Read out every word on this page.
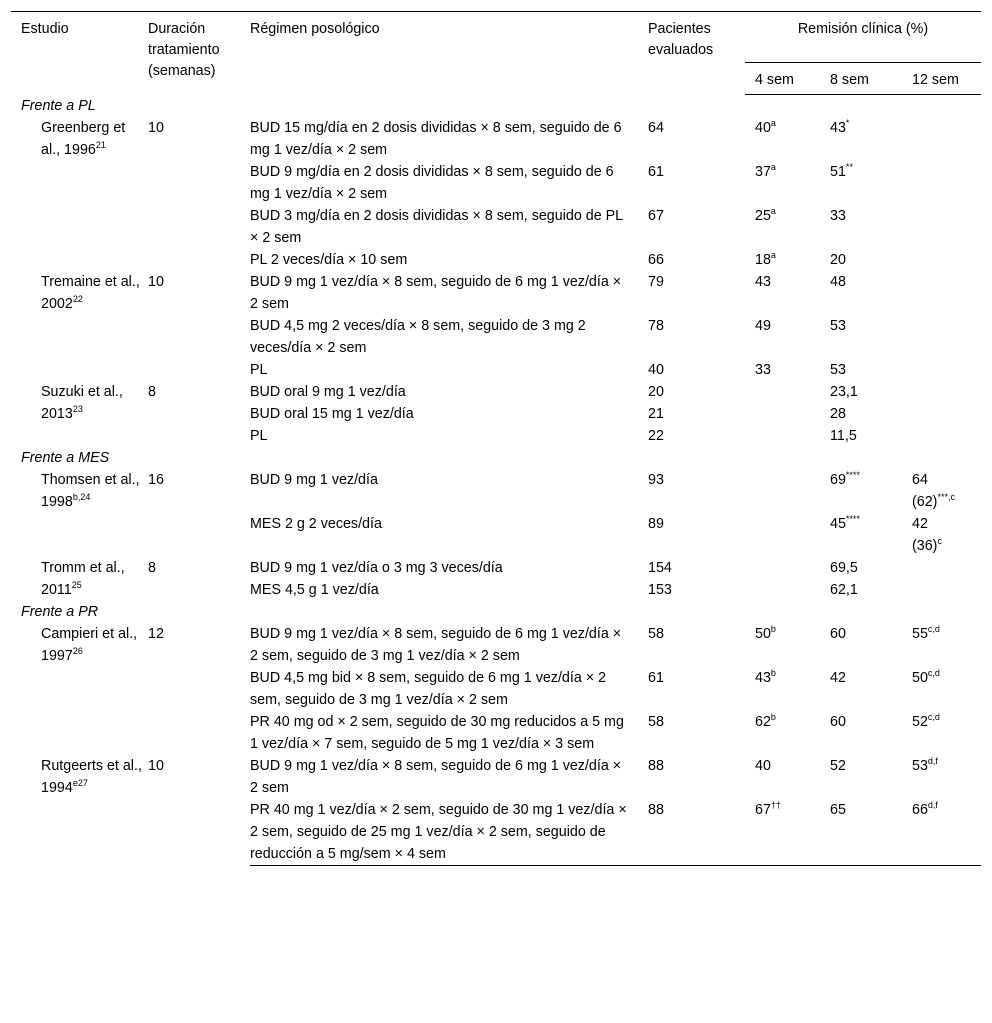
Estudio	Duración tratamiento (semanas)	Régimen posológico	Pacientes evaluados	Remisión clínica (%)		
				4 sem	8 sem	12 sem
Frente a PL						
Greenberg et al., 1996$^{21}$	10	BUD 15 mg/día en 2 dosis divididas × 8 sem, seguido de 6 mg 1 vez/día × 2 sem	64	40$^a$	43*	
		BUD 9 mg/día en 2 dosis divididas × 8 sem, seguido de 6 mg 1 vez/día × 2 sem	61	37$^a$	51**	
		BUD 3 mg/día en 2 dosis divididas × 8 sem, seguido de PL × 2 sem	67	25$^a$	33	
		PL 2 veces/día × 10 sem	66	18$^a$	20	
Tremaine et al., 2002$^{22}$	10	BUD 9 mg 1 vez/día × 8 sem, seguido de 6 mg 1 vez/día × 2 sem	79	43	48	
		BUD 4,5 mg 2 veces/día × 8 sem, seguido de 3 mg 2 veces/día × 2 sem	78	49	53	
		PL	40	33	53	
Suzuki et al., 2013$^{23}$	8	BUD oral 9 mg 1 vez/día	20		23,1	
		BUD oral 15 mg 1 vez/día	21		28	
		PL	22		11,5	
Frente a MES						
Thomsen et al., 1998$^{b,24}$	16	BUD 9 mg 1 vez/día	93		69****	64 $(62)^{***,c}$
		MES 2 g 2 veces/día	89		45****	42 $(36)^c$
Tromm et al., 2011$^{25}$	8	BUD 9 mg 1 vez/día o 3 mg 3 veces/día	154		69,5	
		MES 4,5 g 1 vez/día	153		62,1	
Frente a PR						
Campieri et al., 1997$^{26}$	12	BUD 9 mg 1 vez/día × 8 sem, seguido de 6 mg 1 vez/día × 2 sem, seguido de 3 mg 1 vez/día × 2 sem	58	50$^b$	60	55$^{c,d}$
		BUD 4,5 mg bid × 8 sem, seguido de 6 mg 1 vez/día × 2 sem, seguido de 3 mg 1 vez/día × 2 sem	61	43$^b$	42	50$^{c,d}$
		PR 40 mg od × 2 sem, seguido de 30 mg reducidos a 5 mg 1 vez/día × 7 sem, seguido de 5 mg 1 vez/día × 3 sem	58	62$^b$	60	52$^{c,d}$
Rutgeerts et al., $1994^{e27}$	10	BUD 9 mg 1 vez/día × 8 sem, seguido de 6 mg 1 vez/día × 2 sem	88	40	52	53$^{d,f}$
		PR 40 mg 1 vez/día × 2 sem, seguido de 30 mg 1 vez/día × 2 sem, seguido de 25 mg 1 vez/día × 2 sem, seguido de reducción a 5 mg/sem × 4 sem	88	67††	65	66$^{d,f}$
